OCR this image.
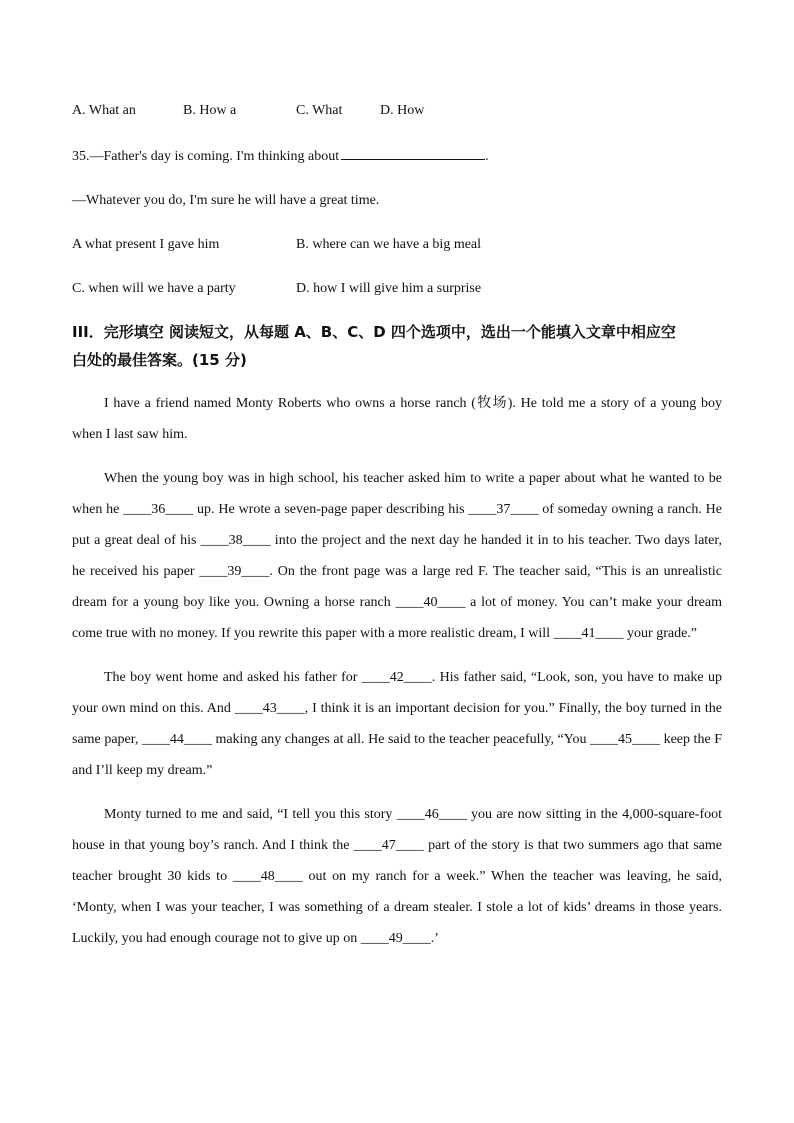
A. What an	B. How a	C. What	D. How
35.—Father's day is coming. I'm thinking about	.
—Whatever you do, I'm sure he will have a great time.
A what present I gave him	B. where can we have a big meal
C. when will we have a party	D. how I will give him a surprise
III．完形填空 阅读短文，从每题 A、B、C、D 四个选项中，选出一个能填入文章中相应空
白处的最佳答案。(15 分)

I have a friend named Monty Roberts who owns a horse ranch (牧场). He told me a story of a young boy when I last saw him.

When the young boy was in high school, his teacher asked him to write a paper about what he wanted to be when he ____36____ up. He wrote a seven-page paper describing his ____37____ of someday owning a ranch. He put a great deal of his ____38____ into the project and the next day he handed it in to his teacher. Two days later, he received his paper ____39____. On the front page was a large red F. The teacher said, “This is an unrealistic dream for a young boy like you. Owning a horse ranch ____40____ a lot of money. You can’t make your dream come true with no money. If you rewrite this paper with a more realistic dream, I will ____41____ your grade.”

The boy went home and asked his father for ____42____. His father said, “Look, son, you have to make up your own mind on this. And ____43____, I think it is an important decision for you.” Finally, the boy turned in the same paper, ____44____ making any changes at all. He said to the teacher peacefully, “You ____45____ keep the F and I’ll keep my dream.”

Monty turned to me and said, “I tell you this story ____46____ you are now sitting in the 4,000-square-foot house in that young boy’s ranch. And I think the ____47____ part of the story is that two summers ago that same teacher brought 30 kids to ____48____ out on my ranch for a week.” When the teacher was leaving, he said, ‘Monty, when I was your teacher, I was something of a dream stealer. I stole a lot of kids’ dreams in those years. Luckily, you had enough courage not to give up on ____49____.’
